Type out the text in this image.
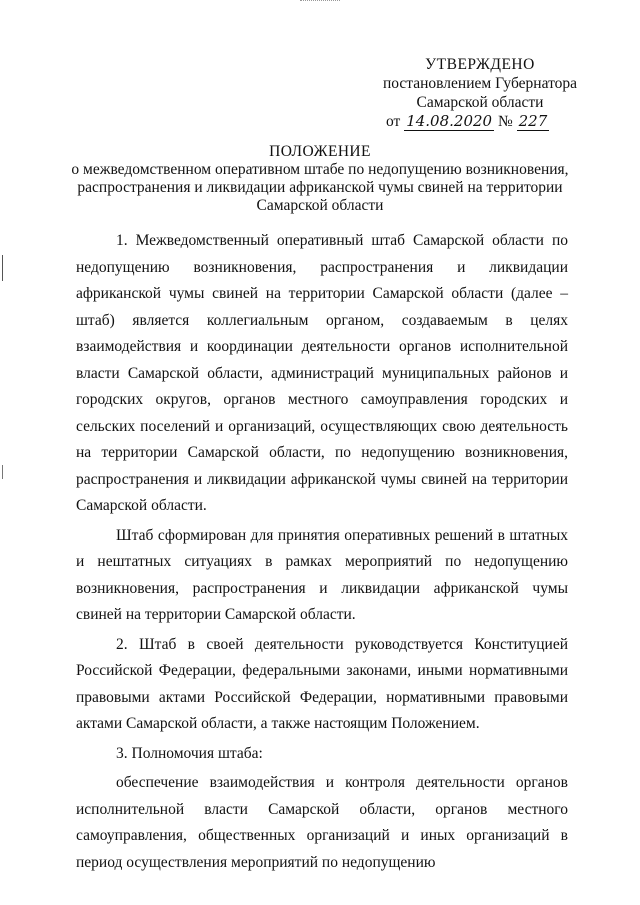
УТВЕРЖДЕНО
постановлением Губернатора
Самарской области
от 14.08.2020 № 227
ПОЛОЖЕНИЕ
о межведомственном оперативном штабе по недопущению возникновения,
распространения и ликвидации африканской чумы свиней на территории
Самарской области

1. Межведомственный оперативный штаб Самарской области по недопущению возникновения, распространения и ликвидации африканской чумы свиней на территории Самарской области (далее – штаб) является коллегиальным органом, создаваемым в целях взаимодействия и координации деятельности органов исполнительной власти Самарской области, администраций муниципальных районов и городских округов, органов местного самоуправления городских и сельских поселений и организаций, осуществляющих свою деятельность на территории Самарской области, по недопущению возникновения, распространения и ликвидации африканской чумы свиней на территории Самарской области.

Штаб сформирован для принятия оперативных решений в штатных и нештатных ситуациях в рамках мероприятий по недопущению возникновения, распространения и ликвидации африканской чумы свиней на территории Самарской области.

2. Штаб в своей деятельности руководствуется Конституцией Российской Федерации, федеральными законами, иными нормативными правовыми актами Российской Федерации, нормативными правовыми актами Самарской области, а также настоящим Положением.

3. Полномочия штаба:

обеспечение взаимодействия и контроля деятельности органов исполнительной власти Самарской области, органов местного самоуправления, общественных организаций и иных организаций в период осуществления мероприятий по недопущению
